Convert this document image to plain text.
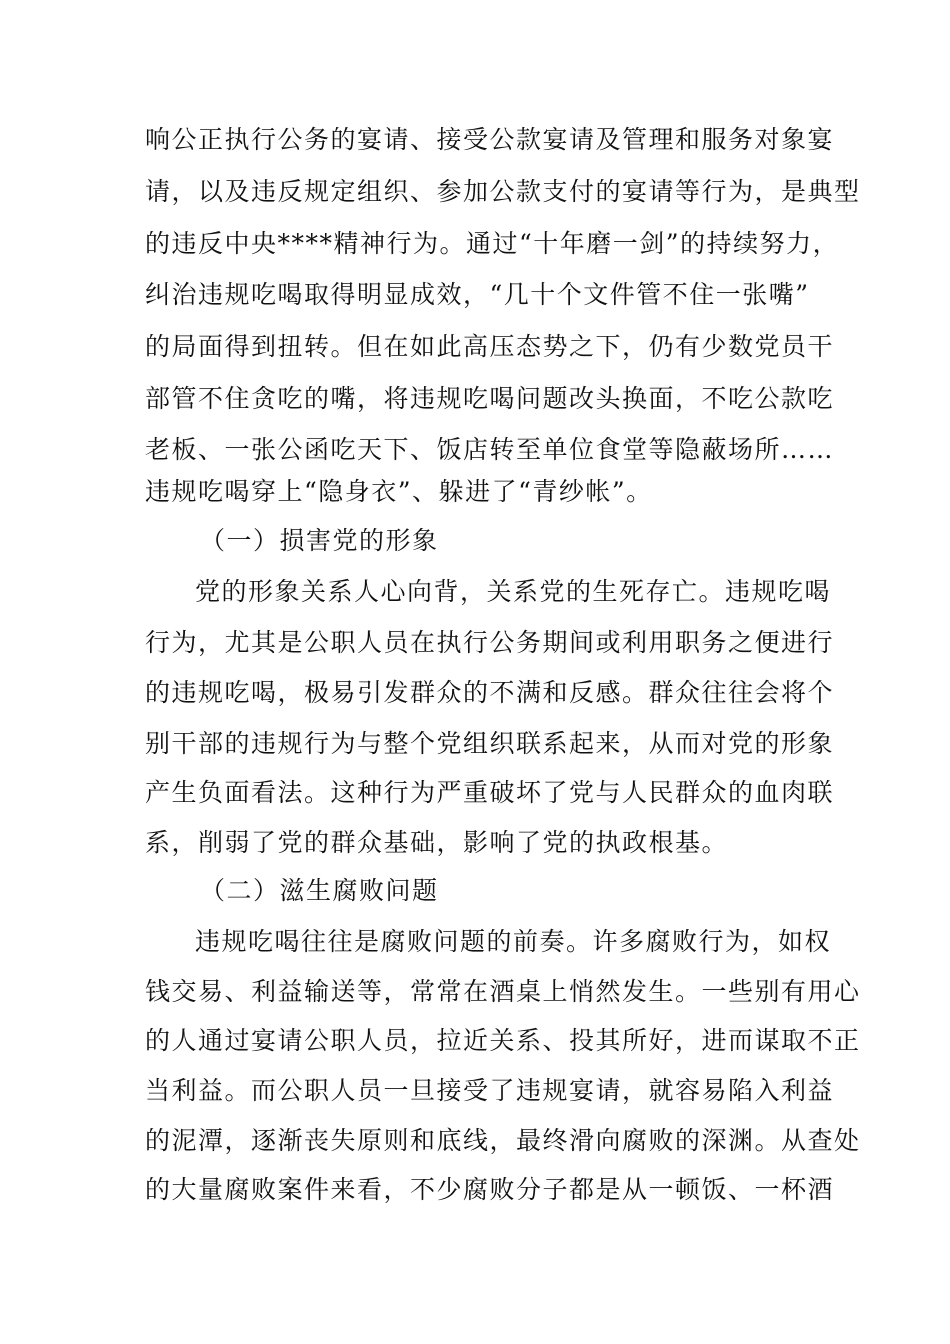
响公正执行公务的宴请、接受公款宴请及管理和服务对象宴
请，以及违反规定组织、参加公款支付的宴请等行为，是典型
的违反中央****精神行为。通过“十年磨一剑”的持续努力，
纠治违规吃喝取得明显成效，“几十个文件管不住一张嘴”
的局面得到扭转。但在如此高压态势之下，仍有少数党员干
部管不住贪吃的嘴，将违规吃喝问题改头换面，不吃公款吃
老板、一张公函吃天下、饭店转至单位食堂等隐蔽场所……
违规吃喝穿上“隐身衣”、躲进了“青纱帐”。
（一）损害党的形象
党的形象关系人心向背，关系党的生死存亡。违规吃喝
行为，尤其是公职人员在执行公务期间或利用职务之便进行
的违规吃喝，极易引发群众的不满和反感。群众往往会将个
别干部的违规行为与整个党组织联系起来，从而对党的形象
产生负面看法。这种行为严重破坏了党与人民群众的血肉联
系，削弱了党的群众基础，影响了党的执政根基。
（二）滋生腐败问题
违规吃喝往往是腐败问题的前奏。许多腐败行为，如权
钱交易、利益输送等，常常在酒桌上悄然发生。一些别有用心
的人通过宴请公职人员，拉近关系、投其所好，进而谋取不正
当利益。而公职人员一旦接受了违规宴请，就容易陷入利益
的泥潭，逐渐丧失原则和底线，最终滑向腐败的深渊。从查处
的大量腐败案件来看，不少腐败分子都是从一顿饭、一杯酒
